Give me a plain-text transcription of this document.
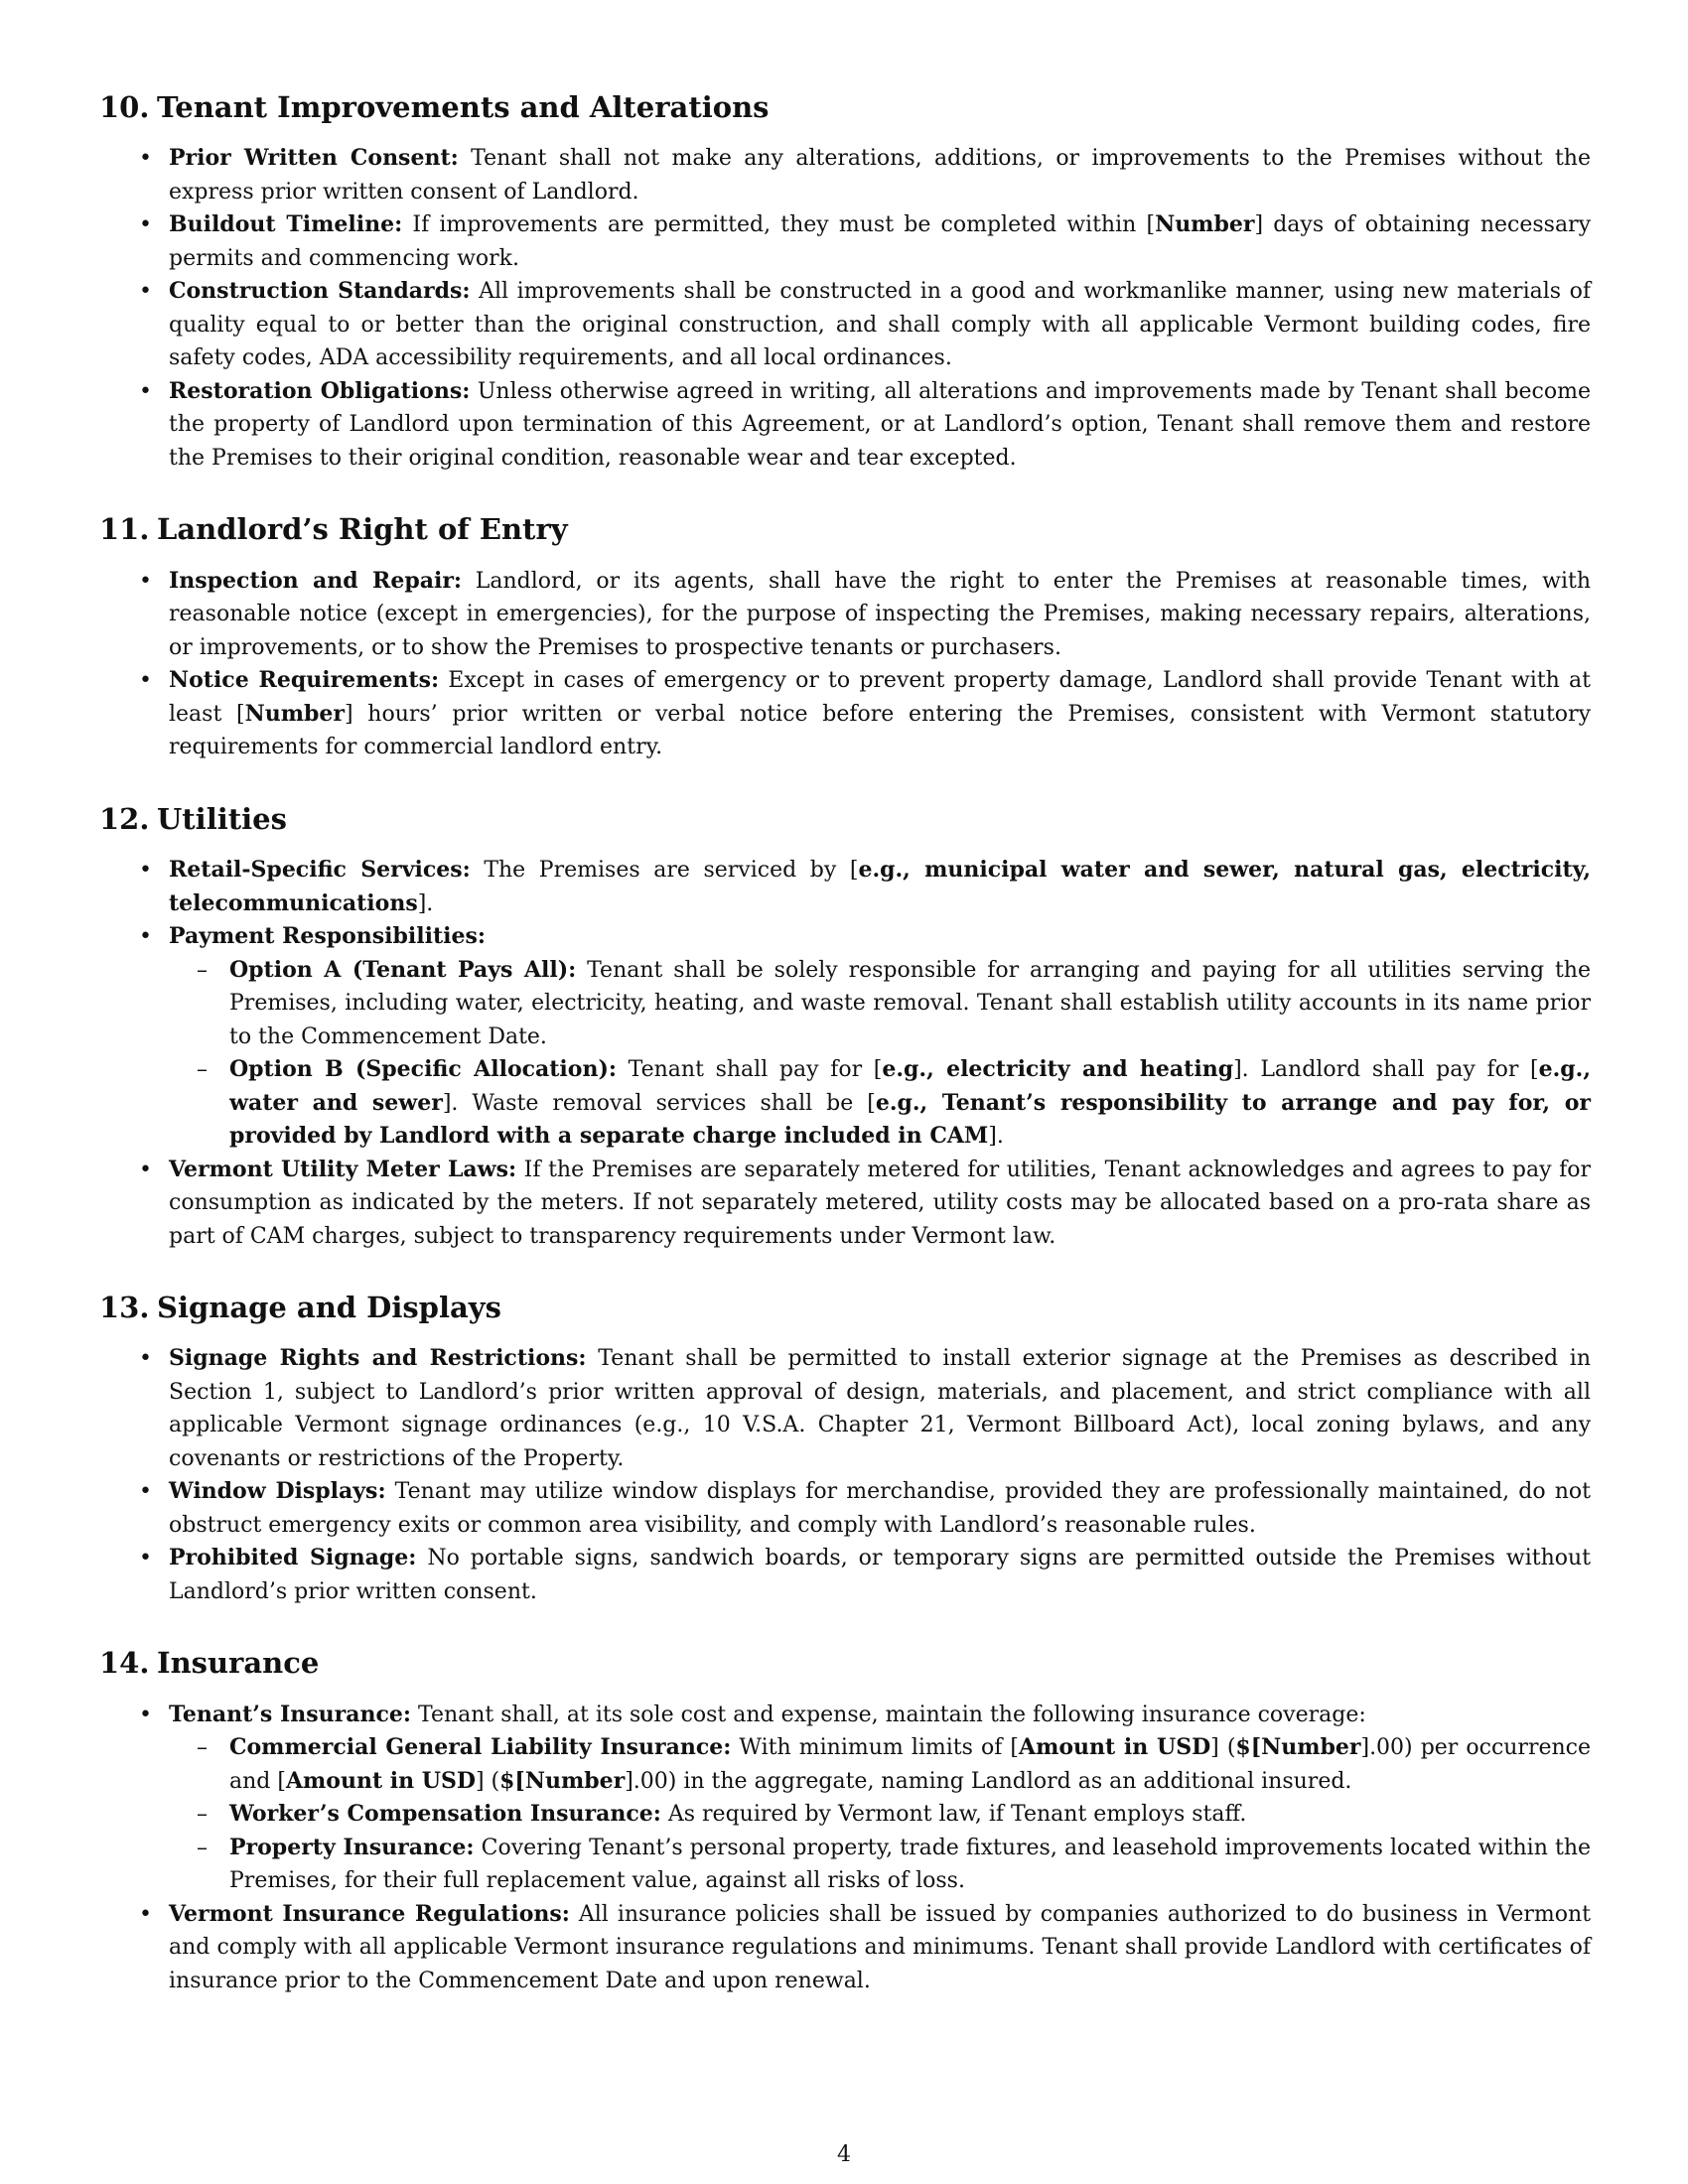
10. Tenant Improvements and Alterations
• Prior Written Consent: Tenant shall not make any alterations, additions, or improvements to the Premises without the express prior written consent of Landlord.
• Buildout Timeline: If improvements are permitted, they must be completed within [Number] days of obtaining necessary permits and commencing work.
• Construction Standards: All improvements shall be constructed in a good and workmanlike manner, using new materials of quality equal to or better than the original construction, and shall comply with all applicable Vermont building codes, fire safety codes, ADA accessibility requirements, and all local ordinances.
• Restoration Obligations: Unless otherwise agreed in writing, all alterations and improvements made by Tenant shall become the property of Landlord upon termination of this Agreement, or at Landlord’s option, Tenant shall remove them and restore the Premises to their original condition, reasonable wear and tear excepted.
11. Landlord’s Right of Entry
• Inspection and Repair: Landlord, or its agents, shall have the right to enter the Premises at reasonable times, with reasonable notice (except in emergencies), for the purpose of inspecting the Premises, making necessary repairs, alterations, or improvements, or to show the Premises to prospective tenants or purchasers.
• Notice Requirements: Except in cases of emergency or to prevent property damage, Landlord shall provide Tenant with at least [Number] hours’ prior written or verbal notice before entering the Premises, consistent with Vermont statutory requirements for commercial landlord entry.
12. Utilities
• Retail-Specific Services: The Premises are serviced by [e.g., municipal water and sewer, natural gas, electricity, telecommunications].
• Payment Responsibilities:
– Option A (Tenant Pays All): Tenant shall be solely responsible for arranging and paying for all utilities serving the Premises, including water, electricity, heating, and waste removal. Tenant shall establish utility accounts in its name prior to the Commencement Date.
– Option B (Specific Allocation): Tenant shall pay for [e.g., electricity and heating]. Landlord shall pay for [e.g., water and sewer]. Waste removal services shall be [e.g., Tenant’s responsibility to arrange and pay for, or provided by Landlord with a separate charge included in CAM].
• Vermont Utility Meter Laws: If the Premises are separately metered for utilities, Tenant acknowledges and agrees to pay for consumption as indicated by the meters. If not separately metered, utility costs may be allocated based on a pro-rata share as part of CAM charges, subject to transparency requirements under Vermont law.
13. Signage and Displays
• Signage Rights and Restrictions: Tenant shall be permitted to install exterior signage at the Premises as described in Section 1, subject to Landlord’s prior written approval of design, materials, and placement, and strict compliance with all applicable Vermont signage ordinances (e.g., 10 V.S.A. Chapter 21, Vermont Billboard Act), local zoning bylaws, and any covenants or restrictions of the Property.
• Window Displays: Tenant may utilize window displays for merchandise, provided they are professionally maintained, do not obstruct emergency exits or common area visibility, and comply with Landlord’s reasonable rules.
• Prohibited Signage: No portable signs, sandwich boards, or temporary signs are permitted outside the Premises without Landlord’s prior written consent.
14. Insurance
• Tenant’s Insurance: Tenant shall, at its sole cost and expense, maintain the following insurance coverage:
– Commercial General Liability Insurance: With minimum limits of [Amount in USD] ($[Number].00) per occurrence and [Amount in USD] ($[Number].00) in the aggregate, naming Landlord as an additional insured.
– Worker’s Compensation Insurance: As required by Vermont law, if Tenant employs staff.
– Property Insurance: Covering Tenant’s personal property, trade fixtures, and leasehold improvements located within the Premises, for their full replacement value, against all risks of loss.
• Vermont Insurance Regulations: All insurance policies shall be issued by companies authorized to do business in Vermont and comply with all applicable Vermont insurance regulations and minimums. Tenant shall provide Landlord with certificates of insurance prior to the Commencement Date and upon renewal.
4
